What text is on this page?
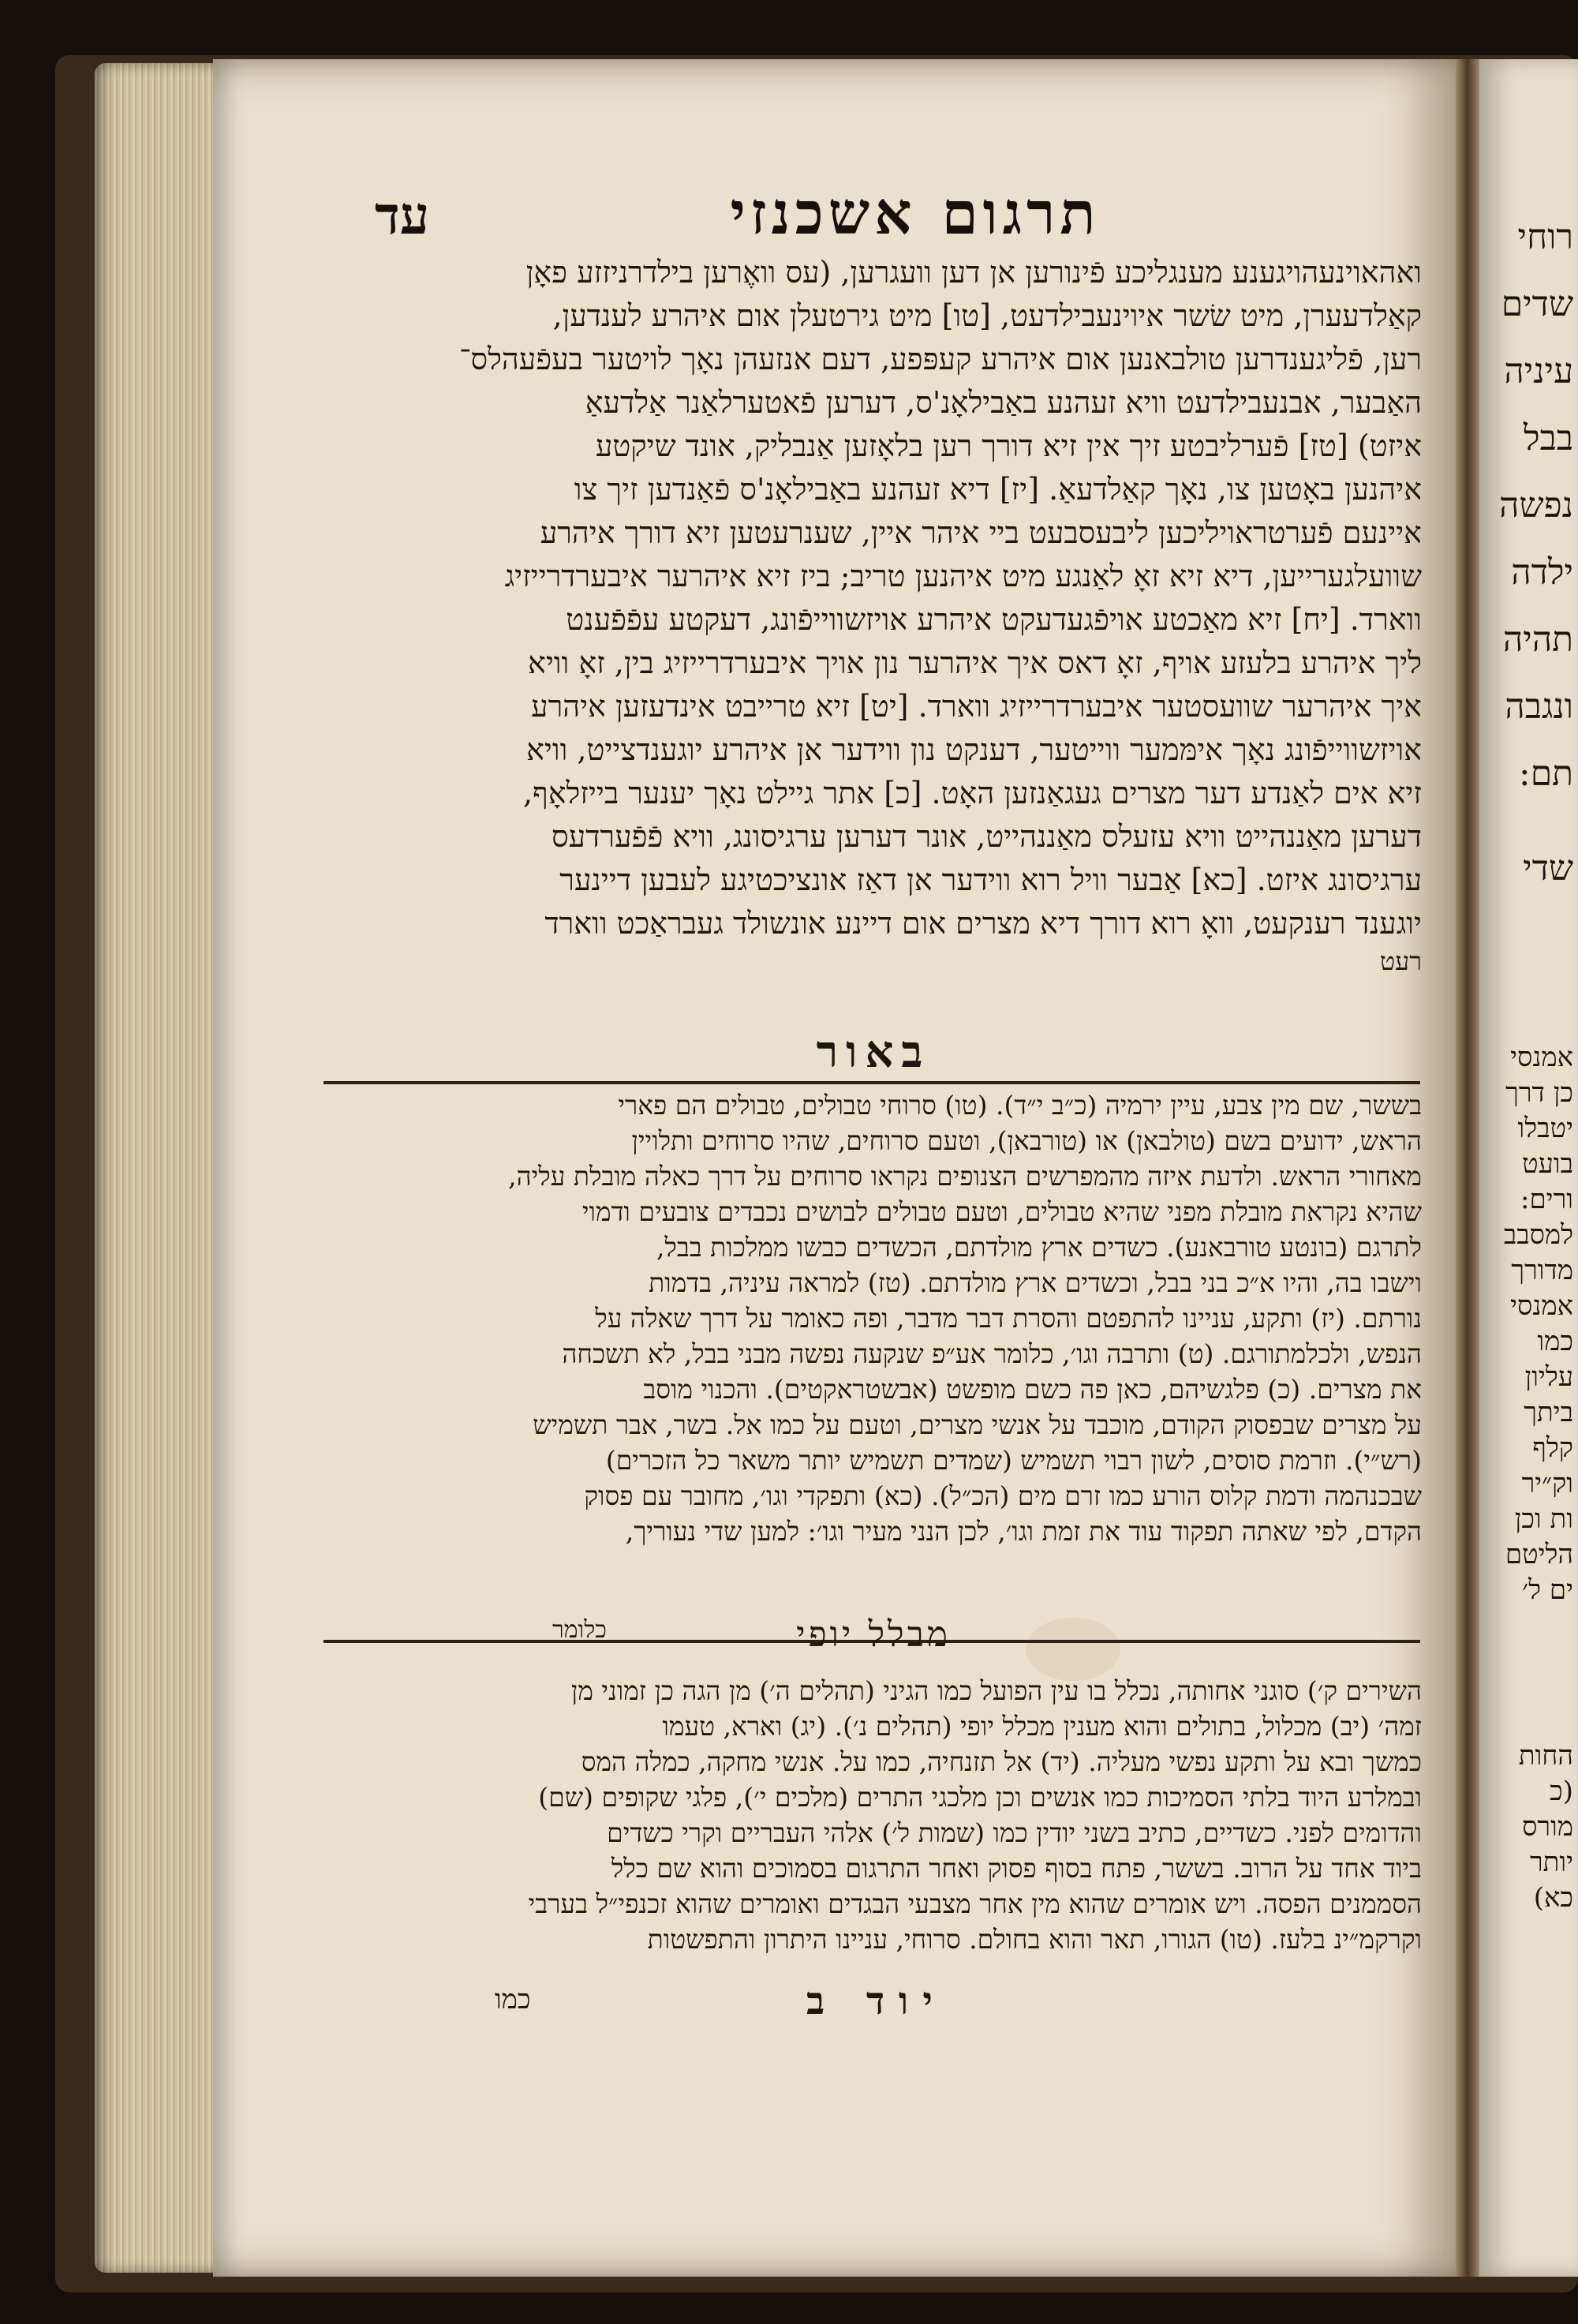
עד	תרגום אשכנזי
ואהאוינעהויגענע מענגליכע פֿינורען אן דען וועגרען, (עס וואֶרען בילדרניזזע פאָן
קאַלדעערן, מיט שׂשר איוינעבילדעט, [טו] מיט גירטעלן אום איהרע לענדען,
רען, פֿליגענדרען טולבאנען אום איהרע קעפּפע, דעם אנזעהן נאָך לויטער בעפֿעהלס־
האַבער, אבנעבילדעט וויא זעהנע באַבילאָנ'ס, דערען פֿאטערלאַנר אַלדעאַ
איזט) [טז] פֿערליבטע זיך אין זיא דורך רען בלאָזען אַנבליק, אונד שיקטע
איהנען באָטען צו, נאָך קאַלדעאַ. [יז] דיא זעהנע באַבילאָנ'ס פֿאַנדען זיך צו
איינעם פֿערטראויליכען ליבעסבעט ביי איהר איין, שענרעטען זיא דורך איהרע
שוועלגערייען, דיא זיא זאָ לאַנגע מיט איהנען טריב; ביז זיא איהרער איבערדרייזיג
ווארד. [יח] זיא מאַכטע אויפֿגעדעקט איהרע אויזשווייפֿונג, דעקטע עפֿפֿענט
ליך איהרע בלעזע אויף, זאָ דאס איך איהרער נון אויך איבערדרייזיג בין, זאָ וויא
איך איהרער שוועסטער איבערדרייזיג ווארד. [יט] זיא טרייבט אינדעזען איהרע
אויזשווייפֿונג נאָך אימּמער ווייטער, דענקט נון ווידער אן איהרע יוגענדצייט, וויא
זיא אים לאַנדע דער מצרים געגאַנזען האָט. [כ] אתר גיילט נאָך יענער בייזלאָף,
דערען מאַננהייט וויא עזעלס מאַננהייט, אונר דערען ערגיסונג, וויא פֿפֿערדעס
ערגיסונג איזט. [כא] אַבער וויל רוא ווידער אן דאַז אונציכטיגע לעבען דיינער
יוגענד רענקעט, וואָ רוא דורך דיא מצרים אום דיינע אונשולד געבראַכט ווארד
רעט
באור
בששר, שם מין צבע, עיין ירמיה (כ״ב י״ד). (טו) סרוחי טבולים, טבולים הם פארי
הראש, ידועים בשם (טולבאן) או (טורבאן), וטעם סרוחים, שהיו סרוחים ותלויין
מאחורי הראש. ולדעת איזה מהמפרשים הצנופים נקראו סרוחים על דרך כאלה מובלת עליה,
שהיא נקראת מובלת מפני שהיא טבולים, וטעם טבולים לבושים נכבדים צובעים ודמוי
לתרגם (בונטע טורבאנע). כשדים ארץ מולדתם, הכשדים כבשו ממלכות בבל,
וישבו בה, והיו א״כ בני בבל, וכשדים ארץ מולדתם. (טז) למראה עיניה, בדמות
נורתם. (יז) ותקע, עניינו להתפטם והסרת דבר מדבר, ופה כאומר על דרך שאלה על
הנפש, ולכלמתורגם. (ט) ותרבה וגו׳, כלומר אע״פ שנקעה נפשה מבני בבל, לא תשכחה
את מצרים. (כ) פלגשיהם, כאן פה כשם מופשט (אבשטראקטים). והכנוי מוסב
על מצרים שבפסוק הקודם, מוכבד על אנשי מצרים, וטעם על כמו אל. בשר, אבר תשמיש
(רש״י). וזרמת סוסים, לשון רבוי תשמיש (שמדים תשמיש יותר משאר כל הזכרים)
שבכנהמה ודמת קלוס הורע כמו זרם מים (הכ״ל). (כא) ותפקדי וגו׳, מחובר עם פסוק
הקדם, לפי שאתה תפקוד עוד את זמת וגו׳, לכן הנני מעיר וגו׳: למען שדי נעוריך,
כלומר	מבלל יופי
השירים ק׳) סוגני אחותה, נכלל בו עין הפועל כמו הגיני (תהלים ה׳) מן הגה כן זמוני מן
זמה׳ (יב) מכלול, בתולים והוא מענין מכלל יופי (תהלים נ׳). (יג) וארא, טעמו
כמשך ובא על ותקע נפשי מעליה. (יד) אל תזנחיה, כמו על. אנשי מחקה, כמלה המס
ובמלרע היוד בלתי הסמיכות כמו אנשים וכן מלכגי התרים (מלכים י׳), פלגי שקופים (שם)
והדומים לפני. כשדיים, כתיב בשני יודין כמו (שמות ל׳) אלהי העבריים וקרי כשדים
ביוד אחד על הרוב. בששר, פתח בסוף פסוק ואחר התרגום בסמוכים והוא שם כלל
הסממנים הפסה. ויש אומרים שהוא מין אחר מצבעי הבגדים ואומרים שהוא זכנפי״ל בערבי
וקרקמ״ינ בלעז. (טו) הגורו, תאר והוא בחולם. סרוחי, עניינו היתרון והתפשטות
כמו	יוד ב
רוחי
שדים
עיניה
בבל
נפשה
ילדה
תהיה
ונגבה
תם:
שדי
אמנסי
כן דרך
יטבלו
בועט
ורים:
למסבב
מדורך
אמנסי
כמו
עליון
ביתך
קלף
וק״יר
ות וכן
הליטם
ים ל׳
החות
(כ
מורס
יותר
כא)
